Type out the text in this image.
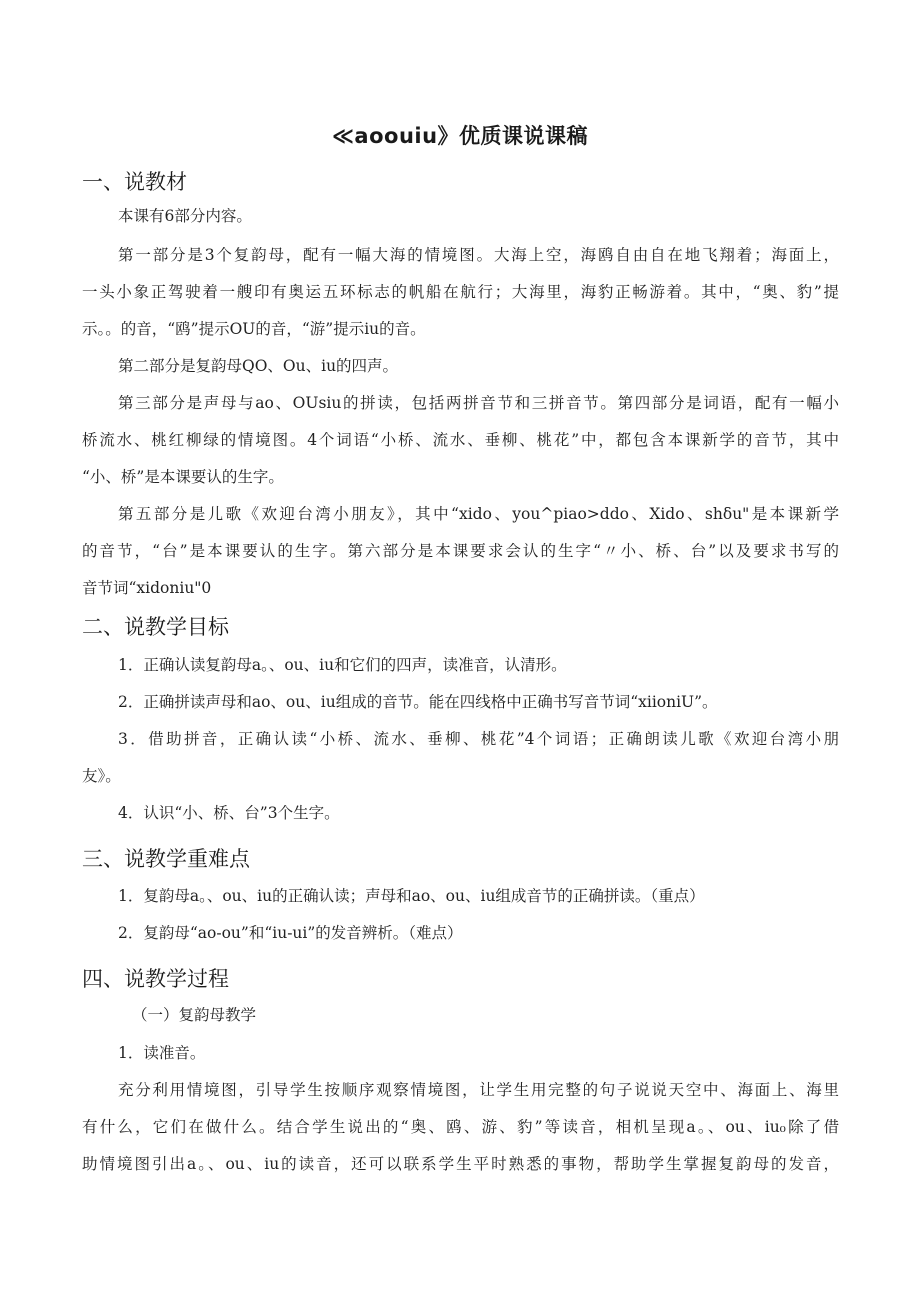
≪aoouiu》优质课说课稿
一、说教材
本课有6部分内容。
第一部分是3个复韵母，配有一幅大海的情境图。大海上空，海鸥自由自在地飞翔着；海面上，
一头小象正驾驶着一艘印有奥运五环标志的帆船在航行；大海里，海豹正畅游着。其中，“奥、豹”提
示。。的音，“鸥”提示OU的音，“游”提示iu的音。
第二部分是复韵母QO、Ou、iu的四声。
第三部分是声母与ao、OUsiu的拼读，包括两拼音节和三拼音节。第四部分是词语，配有一幅小
桥流水、桃红柳绿的情境图。4个词语“小桥、流水、垂柳、桃花”中，都包含本课新学的音节，其中
“小、桥”是本课要认的生字。
第五部分是儿歌《欢迎台湾小朋友》，其中“xido、you^piao>ddo、Xido、shδu"是本课新学
的音节，“台”是本课要认的生字。第六部分是本课要求会认的生字“〃小、桥、台”以及要求书写的
音节词“xidoniu"0
二、说教学目标
1．正确认读复韵母a。、ou、iu和它们的四声，读准音，认清形。
2．正确拼读声母和ao、ou、iu组成的音节。能在四线格中正确书写音节词“xiioniU”。
3．借助拼音，正确认读“小桥、流水、垂柳、桃花”4个词语；正确朗读儿歌《欢迎台湾小朋
友》。
4．认识“小、桥、台”3个生字。
三、说教学重难点
1．复韵母a。、ou、iu的正确认读；声母和ao、ou、iu组成音节的正确拼读。（重点）
2．复韵母“ao-ou”和“iu-ui”的发音辨析。（难点）
四、说教学过程
（一）复韵母教学
1．读准音。
充分利用情境图，引导学生按顺序观察情境图，让学生用完整的句子说说天空中、海面上、海里
有什么，它们在做什么。结合学生说出的“奥、鸥、游、豹”等读音，相机呈现a。、ou、iu₀除了借
助情境图引出a。、ou、iu的读音，还可以联系学生平时熟悉的事物，帮助学生掌握复韵母的发音，
